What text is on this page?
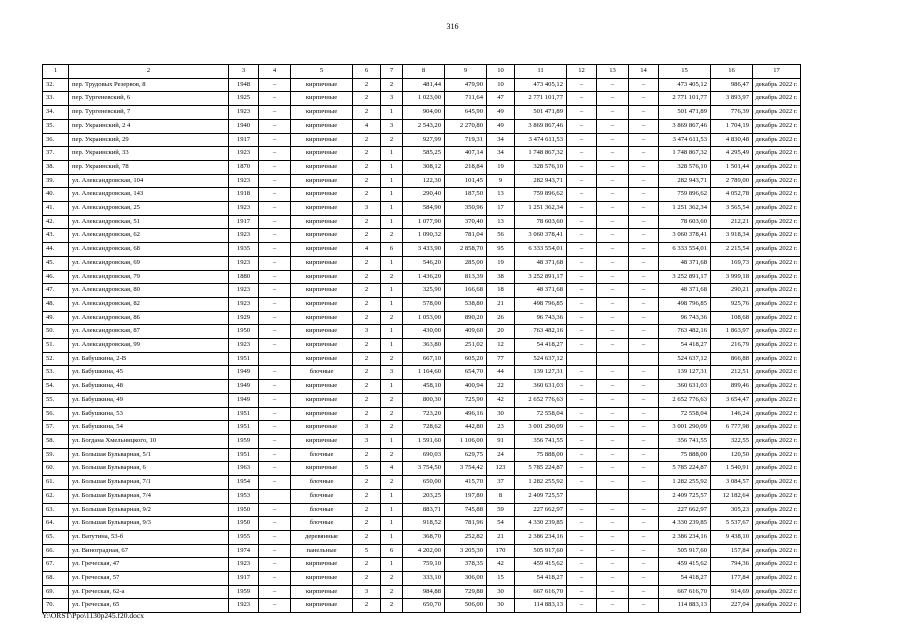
316
1	2	3	4	5	6	7	8	9	10	11	12	13	14	15	16	17
32.	пер. Трудовых Резервов, 8	1948	–	кирпичные	2	2	481,44	479,90	10	473 405,12	–	–	–	473 405,12	986,47	декабрь 2022 г.
33.	пер. Тургеневский, 6	1925	–	кирпичные	2	3	1 023,00	711,64	47	2 771 101,77	–	–	–	2 771 101,77	3 893,97	декабрь 2022 г.
34.	пер. Тургеневский, 7	1923	–	кирпичные	2	1	904,00	645,90	49	501 471,89	–	–	–	501 471,89	776,39	декабрь 2022 г.
35.	пер. Украинский, 2 4	1940	–	кирпичные	4	3	2 543,20	2 270,80	49	3 869 867,46	–	–	–	3 869 867,46	1 704,19	декабрь 2022 г.
36.	пер. Украинский, 29	1917	–	кирпичные	2	2	927,99	719,31	34	3 474 611,53	–	–	–	3 474 611,53	4 830,48	декабрь 2022 г.
37.	пер. Украинский, 33	1923	–	кирпичные	2	1	585,25	407,14	34	1 748 867,32	–	–	–	1 748 867,32	4 295,49	декабрь 2022 г.
38.	пер. Украинский, 78	1870	–	кирпичные	2	1	308,12	218,84	19	328 576,10	–	–	–	328 576,10	1 501,44	декабрь 2022 г.
39.	ул. Александровская, 104	1923	–	кирпичные	2	1	122,30	101,45	9	282 943,71	–	–	–	282 943,71	2 789,00	декабрь 2022 г.
40.	ул. Александровская, 143	1918	–	кирпичные	2	1	290,40	187,50	13	759 896,62	–	–	–	759 896,62	4 052,78	декабрь 2022 г.
41.	ул. Александровская, 25	1923	–	кирпичные	3	1	584,90	350,96	17	1 251 362,34	–	–	–	1 251 362,34	3 565,54	декабрь 2022 г.
42.	ул. Александровская, 51	1917	–	кирпичные	2	1	1 077,90	370,40	13	78 603,60	–	–	–	78 603,60	212,21	декабрь 2022 г.
43.	ул. Александровская, 62	1923	–	кирпичные	2	2	1 090,32	781,04	56	3 060 378,41	–	–	–	3 060 378,41	3 918,34	декабрь 2022 г.
44.	ул. Александровская, 68	1935	–	кирпичные	4	6	3 433,90	2 858,70	95	6 333 554,01	–	–	–	6 333 554,01	2 215,54	декабрь 2022 г.
45.	ул. Александровская, 69	1923	–	кирпичные	2	1	546,20	285,00	19	48 371,68	–	–	–	48 371,68	169,73	декабрь 2022 г.
46.	ул. Александровская, 79	1880	–	кирпичные	2	2	1 436,20	813,39	38	3 252 891,17	–	–	–	3 252 891,17	3 999,18	декабрь 2022 г.
47.	ул. Александровская, 80	1923	–	кирпичные	2	1	325,90	166,68	18	48 371,68	–	–	–	48 371,68	290,21	декабрь 2022 г.
48.	ул. Александровская, 82	1923	–	кирпичные	2	1	578,00	538,80	21	498 796,85	–	–	–	498 796,85	925,76	декабрь 2022 г.
49.	ул. Александровская, 86	1929	–	кирпичные	2	2	1 053,00	890,20	26	96 743,36	–	–	–	96 743,36	108,68	декабрь 2022 г.
50.	ул. Александровская, 87	1950	–	кирпичные	3	1	430,00	409,60	20	763 482,16	–	–	–	763 482,16	1 863,97	декабрь 2022 г.
51.	ул. Александровская, 99	1923	–	кирпичные	2	1	363,80	251,02	12	54 418,27	–	–	–	54 418,27	216,79	декабрь 2022 г.
52.	ул. Бабушкина, 2-В	1951		кирпичные	2	2	667,10	605,20	77	524 637,12				524 637,12	866,88	декабрь 2022 г.
53.	ул. Бабушкина, 45	1949	–	блочные	2	3	1 164,60	654,70	44	139 127,31	–	–	–	139 127,31	212,51	декабрь 2022 г.
54.	ул. Бабушкина, 48	1949	–	кирпичные	2	1	458,10	400,94	22	360 631,03	–	–	–	360 631,03	899,46	декабрь 2022 г.
55.	ул. Бабушкина, 49	1949	–	кирпичные	2	2	800,30	725,90	42	2 652 776,63	–	–	–	2 652 776,63	3 654,47	декабрь 2022 г.
56.	ул. Бабушкина, 53	1951	–	кирпичные	2	2	723,20	496,16	30	72 558,04	–	–	–	72 558,04	146,24	декабрь 2022 г.
57.	ул. Бабушкина, 54	1951	–	кирпичные	3	2	728,62	442,80	23	3 001 290,09	–	–	–	3 001 290,09	6 777,98	декабрь 2022 г.
58.	ул. Богдана Хмельницкого, 10	1959	–	кирпичные	3	1	1 591,60	1 106,00	91	356 741,55	–	–	–	356 741,55	322,55	декабрь 2022 г.
59.	ул. Большая Бульварная, 5/1	1951	–	блочные	2	2	690,03	629,75	24	75 888,00	–	–	–	75 888,00	120,50	декабрь 2022 г.
60.	ул. Большая Бульварная, 6	1963	–	кирпичные	5	4	3 754,50	3 754,42	123	5 785 224,87	–	–	–	5 785 224,87	1 540,91	декабрь 2022 г.
61.	ул. Большая Бульварная, 7/1	1954	–	блочные	2	2	650,00	415,70	37	1 282 255,92	–	–	–	1 282 255,92	3 084,57	декабрь 2022 г.
62.	ул. Большая Бульварная, 7/4	1953		блочные	2	1	203,25	197,80	8	2 409 725,57				2 409 725,57	12 182,64	декабрь 2022 г.
63.	ул. Большая Бульварная, 9/2	1950	–	блочные	2	1	883,71	745,88	59	227 662,97	–	–	–	227 662,97	305,23	декабрь 2022 г.
64.	ул. Большая Бульварная, 9/3	1950	–	блочные	2	1	918,52	781,96	54	4 330 239,85	–	–	–	4 330 239,85	5 537,67	декабрь 2022 г.
65.	ул. Ватутина, 53-б	1955	–	деревянные	2	1	368,70	252,82	21	2 386 234,16	–	–	–	2 386 234,16	9 438,10	декабрь 2022 г.
66.	ул. Виноградная, 67	1974	–	панельные	5	6	4 202,00	3 205,30	170	505 917,60	–	–	–	505 917,60	157,84	декабрь 2022 г.
67.	ул. Греческая, 47	1923	–	кирпичные	2	1	759,10	378,35	42	459 415,62	–	–	–	459 415,62	794,36	декабрь 2022 г.
68.	ул. Греческая, 57	1917	–	кирпичные	2	2	333,10	306,00	15	54 418,27	–	–	–	54 418,27	177,84	декабрь 2022 г.
69.	ул. Греческая, 62-а	1959	–	кирпичные	3	2	984,88	729,88	30	667 616,70	–	–	–	667 616,70	914,69	декабрь 2022 г.
70.	ул. Греческая, 65	1923	–	кирпичные	2	2	650,70	506,00	30	114 883,13	–	–	–	114 883,13	227,04	декабрь 2022 г.
Y:\ORST\Ppo\1130p245.f20.docx
